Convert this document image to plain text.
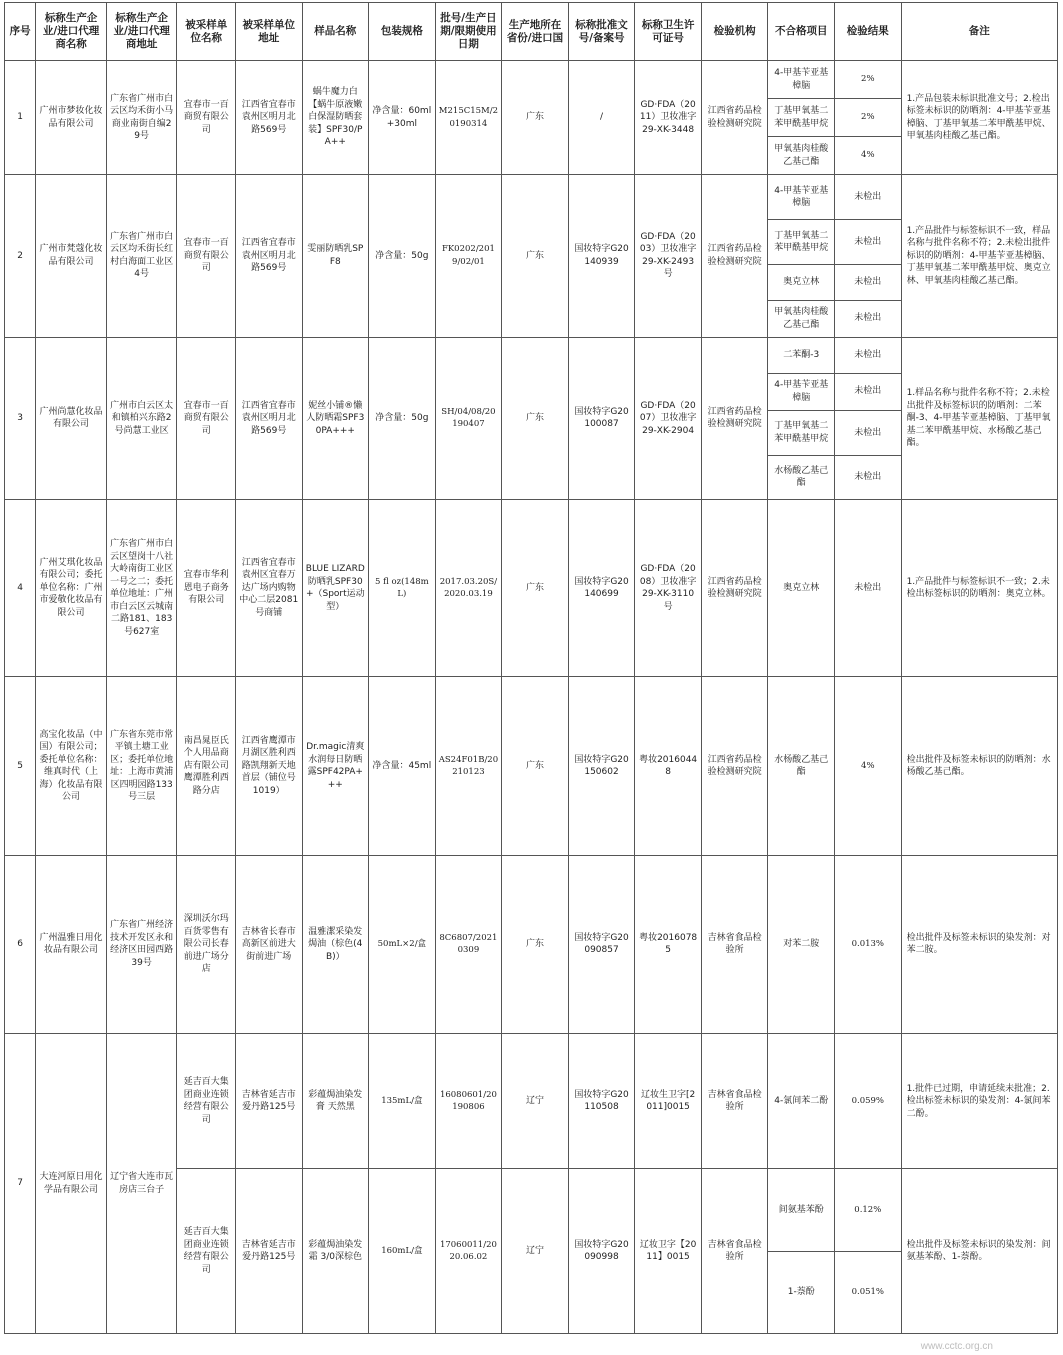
序号	标称生产企业/进口代理商名称	标称生产企业/进口代理商地址	被采样单位名称	被采样单位地址	样品名称	包装规格	批号/生产日期/限期使用日期	生产地所在省份/进口国	标称批准文号/备案号	标称卫生许可证号	检验机构	不合格项目	检验结果	备注
1	广州市梦妆化妆品有限公司	广东省广州市白云区均禾街小马商业南街自编29号	宜春市一百商贸有限公司	江西省宜春市袁州区明月北路569号	蜗牛魔力白【蜗牛原液嫩白保湿防晒套装】SPF30/PA++	净含量：60ml+30ml	M215C15M/20190314	广东	/	GD·FDA（2011）卫妆准字29-XK-3448	江西省药品检验检测研究院	4-甲基苄亚基樟脑	2%	1.产品包装未标识批准文号；2.检出标签未标识的防晒剂：4-甲基苄亚基樟脑、丁基甲氧基二苯甲酰基甲烷、甲氧基肉桂酸乙基己酯。
												丁基甲氧基二苯甲酰基甲烷	2%	
												甲氧基肉桂酸乙基己酯	4%	
2	广州市梵蔻化妆品有限公司	广东省广州市白云区均禾街长红村白海面工业区4号	宜春市一百商贸有限公司	江西省宜春市袁州区明月北路569号	雯丽防晒乳SPF8	净含量：50g	FK0202/2019/02/01	广东	国妆特字G20140939	GD·FDA（2003）卫妆准字29-XK-2493号	江西省药品检验检测研究院	4-甲基苄亚基樟脑	未检出	1.产品批件与标签标识不一致，样品名称与批件名称不符；2.未检出批件标识的防晒剂：4-甲基苄亚基樟脑、丁基甲氧基二苯甲酰基甲烷、奥克立林、甲氧基肉桂酸乙基己酯。
												丁基甲氧基二苯甲酰基甲烷	未检出	
												奥克立林	未检出	
												甲氧基肉桂酸乙基己酯	未检出	
3	广州尚慧化妆品有限公司	广州市白云区太和镇柏兴东路2号尚慧工业区	宜春市一百商贸有限公司	江西省宜春市袁州区明月北路569号	妮丝小铺®懒人防晒霜SPF30PA+++	净含量：50g	SH/04/08/20190407	广东	国妆特字G20100087	GD·FDA（2007）卫妆准字29-XK-2904	江西省药品检验检测研究院	二苯酮-3	未检出	1.样品名称与批件名称不符；2.未检出批件及标签标识的防晒剂：二苯酮-3、4-甲基苄亚基樟脑、丁基甲氧基二苯甲酰基甲烷、水杨酸乙基己酯。
												4-甲基苄亚基樟脑	未检出	
												丁基甲氧基二苯甲酰基甲烷	未检出	
												水杨酸乙基己酯	未检出	
4	广州艾琪化妆品有限公司；委托单位名称：广州市爱敬化妆品有限公司	广东省广州市白云区望岗十八社大岭南街工业区一号之二；委托单位地址：广州市白云区云城南二路181、183号627室	宜春市华利恩电子商务有限公司	江西省宜春市袁州区宜春万达广场内购物中心二层2081号商铺	BLUE LIZARD防晒乳SPF30+（Sport运动型）	5 fl oz(148mL)	2017.03.20S/2020.03.19	广东	国妆特字G20140699	GD·FDA（2008）卫妆准字29-XK-3110号	江西省药品检验检测研究院	奥克立林	未检出	1.产品批件与标签标识不一致；2.未检出标签标识的防晒剂：奥克立林。
5	高宝化妆品（中国）有限公司；委托单位名称：维真时代（上海）化妆品有限公司	广东省东莞市常平镇土塘工业区；委托单位地址：上海市黄浦区四明园路133号三层	南昌晁臣氏个人用品商店有限公司鹰潭胜利西路分店	江西省鹰潭市月湖区胜利西路凯翔新天地首层（铺位号1019）	Dr.magic清爽水润每日防晒露SPF42PA+++	净含量：45ml	AS24F01B/20210123	广东	国妆特字G20150602	粤妆20160448	江西省药品检验检测研究院	水杨酸乙基己酯	4%	检出批件及标签未标识的防晒剂：水杨酸乙基己酯。
6	广州温雅日用化妆品有限公司	广东省广州经济技术开发区永和经济区田园西路39号	深圳沃尔玛百货零售有限公司长春前进广场分店	吉林省长春市高新区前进大街前进广场	温雅潔采染发焗油（棕色(4B)）	50mL×2/盒	8C6807/20210309	广东	国妆特字G20090857	粤妆20160785	吉林省食品检验所	对苯二胺	0.013%	检出批件及标签未标识的染发剂：对苯二胺。
7	大连河原日用化学品有限公司	辽宁省大连市瓦房店三台子	延吉百大集团商业连锁经营有限公司	吉林省延吉市爱丹路125号	彩蕴焗油染发膏 天然黑	135mL/盒	16080601/20190806	辽宁	国妆特字G20110508	辽妆生卫字[2011]0015	吉林省食品检验所	4-氯间苯二酚	0.059%	1.批件已过期，申请延续未批准；2.检出标签未标识的染发剂：4-氯间苯二酚。
			延吉百大集团商业连锁经营有限公司	吉林省延吉市爱丹路125号	彩蕴焗油染发霜 3/0深棕色	160mL/盒	17060011/2020.06.02	辽宁	国妆特字G20090998	辽妆卫字【2011】0015	吉林省食品检验所	间氨基苯酚	0.12%	检出批件及标签未标识的染发剂：间氨基苯酚、1-萘酚。
												1-萘酚	0.051%	
www.cctc.org.cn
